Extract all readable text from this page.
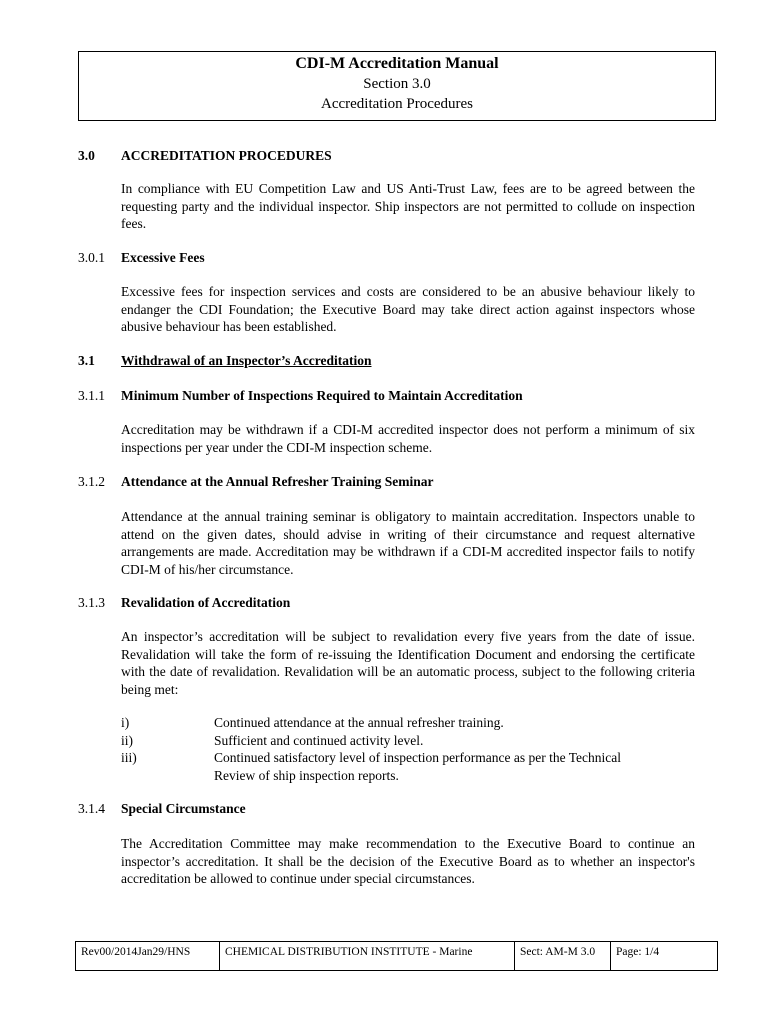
CDI-M Accreditation Manual
Section 3.0
Accreditation Procedures
3.0 ACCREDITATION PROCEDURES

In compliance with EU Competition Law and US Anti-Trust Law, fees are to be agreed between the requesting party and the individual inspector. Ship inspectors are not permitted to collude on inspection fees.

3.0.1 Excessive Fees

Excessive fees for inspection services and costs are considered to be an abusive behaviour likely to endanger the CDI Foundation; the Executive Board may take direct action against inspectors whose abusive behaviour has been established.

3.1 Withdrawal of an Inspector’s Accreditation
3.1.1 Minimum Number of Inspections Required to Maintain Accreditation

Accreditation may be withdrawn if a CDI-M accredited inspector does not perform a minimum of six inspections per year under the CDI-M inspection scheme.

3.1.2 Attendance at the Annual Refresher Training Seminar

Attendance at the annual training seminar is obligatory to maintain accreditation. Inspectors unable to attend on the given dates, should advise in writing of their circumstance and request alternative arrangements are made. Accreditation may be withdrawn if a CDI-M accredited inspector fails to notify CDI-M of his/her circumstance.

3.1.3 Revalidation of Accreditation

An inspector’s accreditation will be subject to revalidation every five years from the date of issue. Revalidation will take the form of re-issuing the Identification Document and endorsing the certificate with the date of revalidation. Revalidation will be an automatic process, subject to the following criteria being met:

i)	Continued attendance at the annual refresher training.
ii)	Sufficient and continued activity level.
iii)	Continued satisfactory level of inspection performance as per the Technical Review of ship inspection reports.
3.1.4 Special Circumstance

The Accreditation Committee may make recommendation to the Executive Board to continue an inspector’s accreditation. It shall be the decision of the Executive Board as to whether an inspector's accreditation be allowed to continue under special circumstances.

Rev00/2014Jan29/HNS	CHEMICAL DISTRIBUTION INSTITUTE - Marine	Sect: AM-M 3.0	Page: 1/4
